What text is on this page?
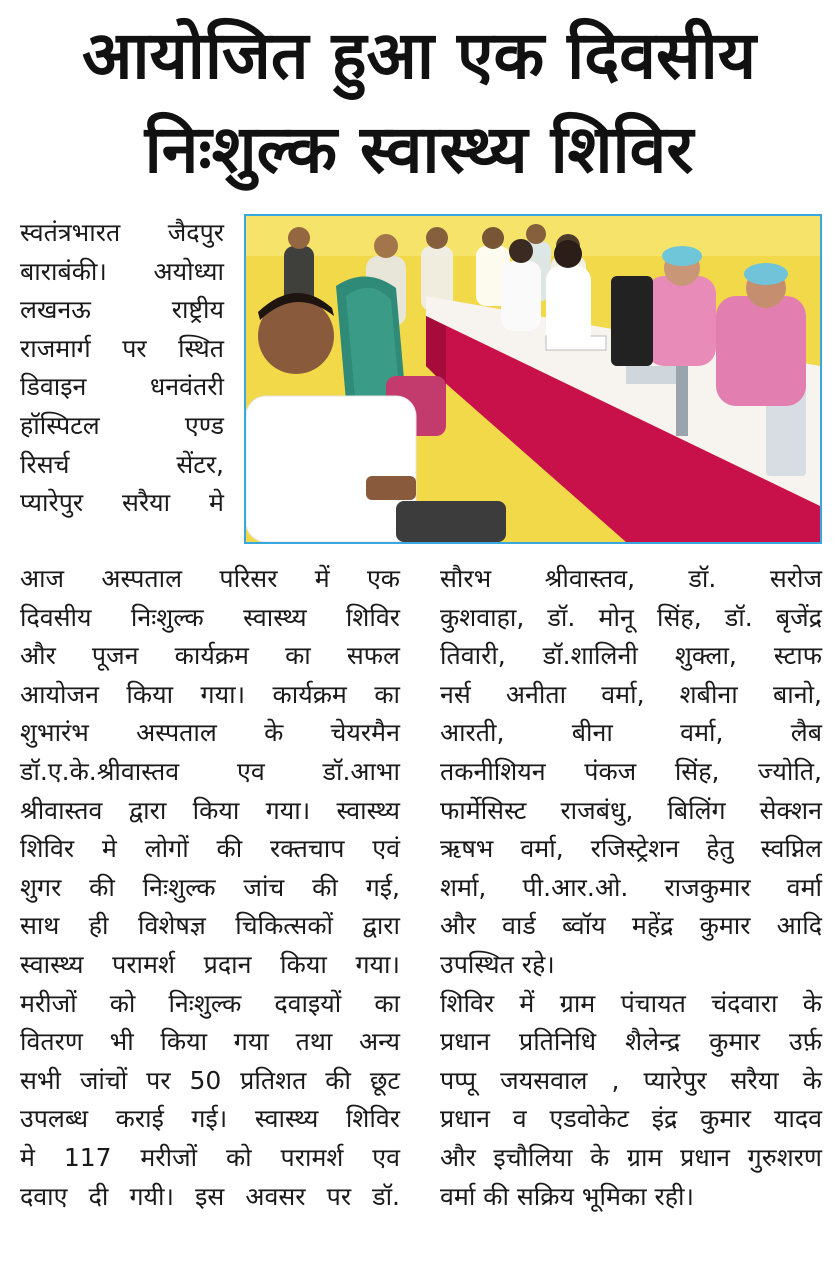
आयोजित हुआ एक दिवसीय
निःशुल्क स्वास्थ्य शिविर
स्वतंत्रभारत जैदपुर
बाराबंकी। अयोध्या
लखनऊ राष्ट्रीय
राजमार्ग पर स्थित
डिवाइन धनवंतरी
हॉस्पिटल एण्ड
रिसर्च सेंटर,
प्यारेपुर सरैया मे
आज अस्पताल परिसर में एक
दिवसीय निःशुल्क स्वास्थ्य शिविर
और पूजन कार्यक्रम का सफल
आयोजन किया गया। कार्यक्रम का
शुभारंभ अस्पताल के चेयरमैन
डॉ.ए.के.श्रीवास्तव एव डॉ.आभा
श्रीवास्तव द्वारा किया गया। स्वास्थ्य
शिविर मे लोगों की रक्तचाप एवं
शुगर की निःशुल्क जांच की गई,
साथ ही विशेषज्ञ चिकित्सकों द्वारा
स्वास्थ्य परामर्श प्रदान किया गया।
मरीजों को निःशुल्क दवाइयों का
वितरण भी किया गया तथा अन्य
सभी जांचों पर 50 प्रतिशत की छूट
उपलब्ध कराई गई। स्वास्थ्य शिविर
मे 117 मरीजों को परामर्श एव
दवाए दी गयी। इस अवसर पर डॉ.
सौरभ श्रीवास्तव, डॉ. सरोज
कुशवाहा, डॉ. मोनू सिंह, डॉ. बृजेंद्र
तिवारी, डॉ.शालिनी शुक्ला, स्टाफ
नर्स अनीता वर्मा, शबीना बानो,
आरती, बीना वर्मा, लैब
तकनीशियन पंकज सिंह, ज्योति,
फार्मेसिस्ट राजबंधु, बिलिंग सेक्शन
ऋषभ वर्मा, रजिस्ट्रेशन हेतु स्वप्निल
शर्मा, पी.आर.ओ. राजकुमार वर्मा
और वार्ड ब्वॉय महेंद्र कुमार आदि
उपस्थित रहे।
शिविर में ग्राम पंचायत चंदवारा के
प्रधान प्रतिनिधि शैलेन्द्र कुमार उर्फ़
पप्पू जयसवाल , प्यारेपुर सरैया के
प्रधान व एडवोकेट इंद्र कुमार यादव
और इचौलिया के ग्राम प्रधान गुरुशरण
वर्मा की सक्रिय भूमिका रही।
